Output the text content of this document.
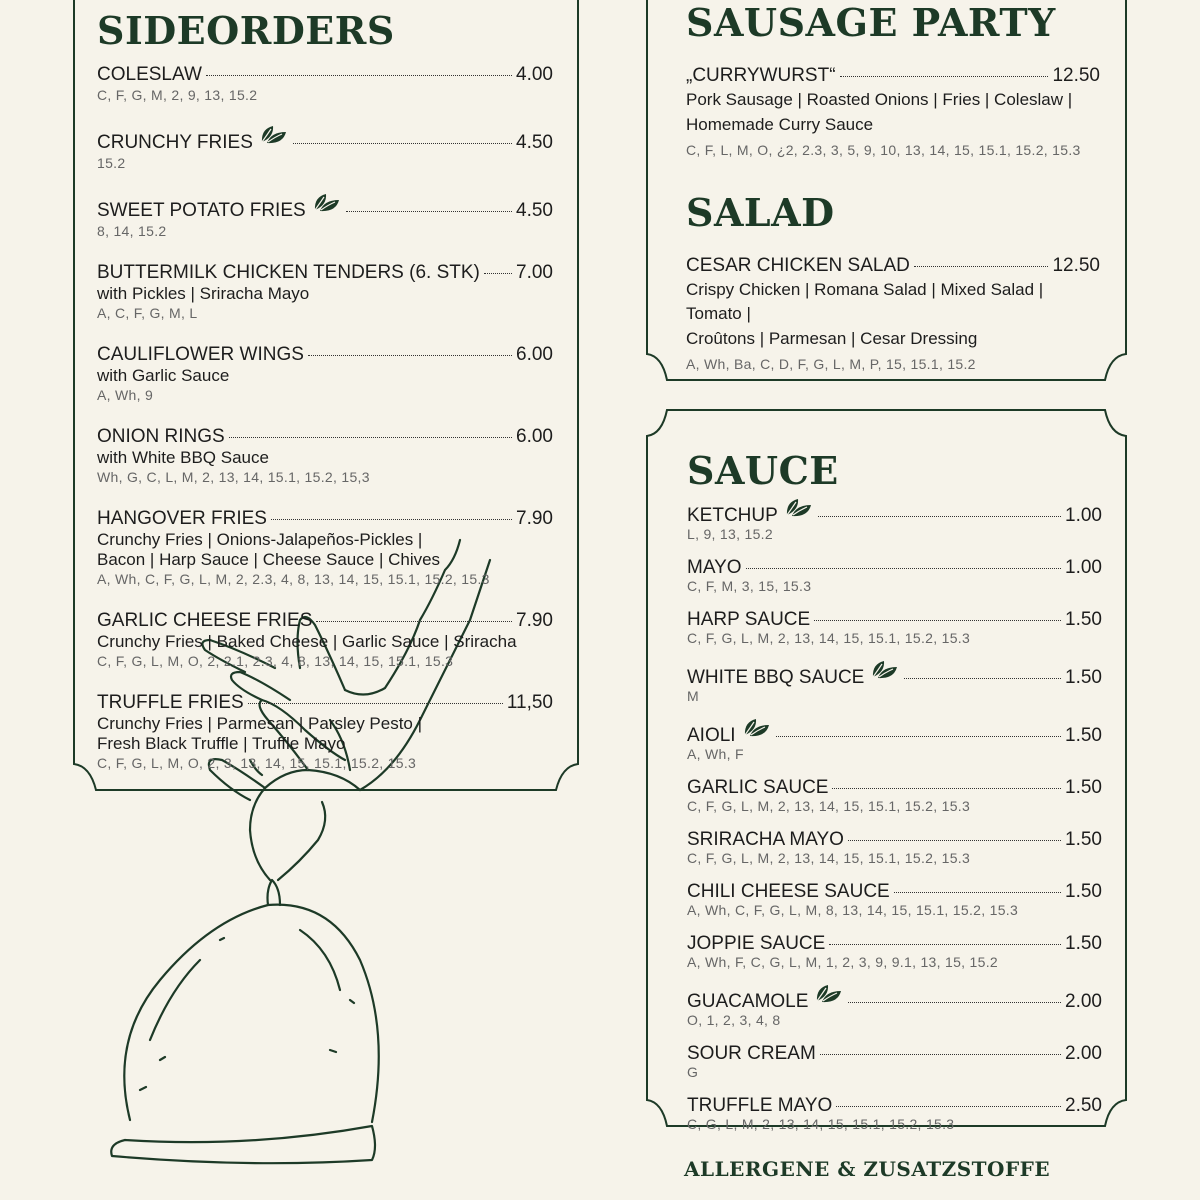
SIDEORDERS
COLESLAW	4.00
C, F, G, M, 2, 9, 13, 15.2
CRUNCHY FRIES	4.50
15.2
SWEET POTATO FRIES	4.50
8, 14, 15.2
BUTTERMILK CHICKEN TENDERS (6. STK) 7.00
with Pickles | Sriracha Mayo
A, C, F, G, M, L
CAULIFLOWER WINGS	6.00
with Garlic Sauce
A, Wh, 9
ONION RINGS	6.00
with White BBQ Sauce
Wh, G, C, L, M, 2, 13, 14, 15.1, 15.2, 15,3
HANGOVER FRIES	7.90
Crunchy Fries | Onions-Jalapeños-Pickles |
Bacon | Harp Sauce | Cheese Sauce | Chives
A, Wh, C, F, G, L, M, 2, 2.3, 4, 8, 13, 14, 15, 15.1, 15.2, 15.3
GARLIC CHEESE FRIES	7.90
Crunchy Fries | Baked Cheese | Garlic Sauce | Sriracha
C, F, G, L, M, O, 2, 2.1, 2.3, 4, 8, 13, 14, 15, 15.1, 15.3
TRUFFLE FRIES	11,50
Crunchy Fries | Parmesan | Parsley Pesto |
Fresh Black Truffle | Truffle Mayo
C, F, G, L, M, O, 2, 3, 13, 14, 15, 15.1, 15.2, 15.3
SAUSAGE PARTY
„CURRYWURST“	12.50
Pork Sausage | Roasted Onions | Fries | Coleslaw |
Homemade Curry Sauce
C, F, L, M, O, ¿2, 2.3, 3, 5, 9, 10, 13, 14, 15, 15.1, 15.2, 15.3
SALAD
CESAR CHICKEN SALAD	12.50
Crispy Chicken | Romana Salad | Mixed Salad | Tomato |
Croûtons | Parmesan | Cesar Dressing
A, Wh, Ba, C, D, F, G, L, M, P, 15, 15.1, 15.2
SAUCE
KETCHUP	1.00
L, 9, 13, 15.2
MAYO	1.00
C, F, M, 3, 15, 15.3
HARP SAUCE	1.50
C, F, G, L, M, 2, 13, 14, 15, 15.1, 15.2, 15.3
WHITE BBQ SAUCE	1.50
M
AIOLI	1.50
A, Wh, F
GARLIC SAUCE	1.50
C, F, G, L, M, 2, 13, 14, 15, 15.1, 15.2, 15.3
SRIRACHA MAYO	1.50
C, F, G, L, M, 2, 13, 14, 15, 15.1, 15.2, 15.3
CHILI CHEESE SAUCE	1.50
A, Wh, C, F, G, L, M, 8, 13, 14, 15, 15.1, 15.2, 15.3
JOPPIE SAUCE	1.50
A, Wh, F, C, G, L, M, 1, 2, 3, 9, 9.1, 13, 15, 15.2
GUACAMOLE	2.00
O, 1, 2, 3, 4, 8
SOUR CREAM	2.00
G
TRUFFLE MAYO	2.50
C, G, L, M, 2, 13, 14, 15, 15.1, 15.2, 15.3
ALLERGENE & ZUSATZSTOFFE
